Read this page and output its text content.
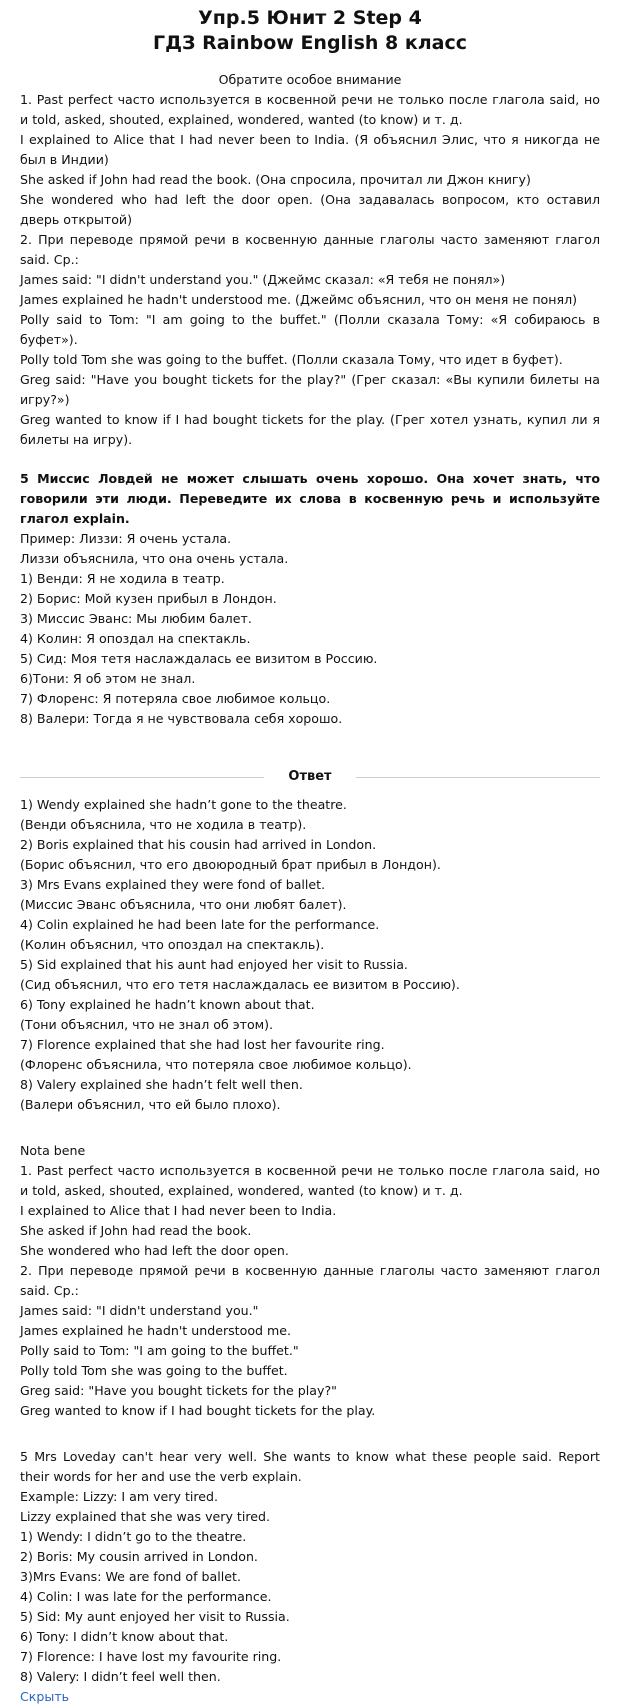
Упр.5 Юнит 2 Step 4
ГДЗ Rainbow English 8 класс

Обратите особое внимание

1. Past perfect часто используется в косвенной речи не только после глагола said, но и told, asked, shouted, explained, wondered, wanted (to know) и т. д.

I explained to Alice that I had never been to India. (Я объяснил Элис, что я никогда не был в Индии)

She asked if John had read the book. (Она спросила, прочитал ли Джон книгу)

She wondered who had left the door open. (Она задавалась вопросом, кто оставил дверь открытой)

2. При переводе прямой речи в косвенную данные глаголы часто заменяют глагол said. Ср.:

James said: "I didn't understand you." (Джеймс сказал: «Я тебя не понял»)

James explained he hadn't understood me. (Джеймс объяснил, что он меня не понял)

Polly said to Tom: "I am going to the buffet." (Полли сказала Тому: «Я собираюсь в буфет»).

Polly told Tom she was going to the buffet. (Полли сказала Тому, что идет в буфет).

Greg said: "Have you bought tickets for the play?" (Грег сказал: «Вы купили билеты на игру?»)

Greg wanted to know if I had bought tickets for the play. (Грег хотел узнать, купил ли я билеты на игру).

5 Миссис Ловдей не может слышать очень хорошо. Она хочет знать, что говорили эти люди. Переведите их слова в косвенную речь и используйте глагол explain.

Пример: Лиззи: Я очень устала.

Лиззи объяснила, что она очень устала.

1) Венди: Я не ходила в театр.

2) Борис: Мой кузен прибыл в Лондон.

3) Миссис Эванс: Мы любим балет.

4) Колин: Я опоздал на спектакль.

5) Сид: Моя тетя наслаждалась ее визитом в Россию.

6)Тони: Я об этом не знал.

7) Флоренс: Я потеряла свое любимое кольцо.

8) Валери: Тогда я не чувствовала себя хорошо.

Ответ

1) Wendy explained she hadn’t gone to the theatre.

(Венди объяснила, что не ходила в театр).

2) Boris explained that his cousin had arrived in London.

(Борис объяснил, что его двоюродный брат прибыл в Лондон).

3) Mrs Evans explained they were fond of ballet.

(Миссис Эванс объяснила, что они любят балет).

4) Colin explained he had been late for the performance.

(Колин объяснил, что опоздал на спектакль).

5) Sid explained that his aunt had enjoyed her visit to Russia.

(Сид объяснил, что его тетя наслаждалась ее визитом в Россию).

6) Tony explained he hadn’t known about that.

(Тони объяснил, что не знал об этом).

7) Florence explained that she had lost her favourite ring.

(Флоренс объяснила, что потеряла свое любимое кольцо).

8) Valery explained she hadn’t felt well then.

(Валери объяснил, что ей было плохо).

Nota bene

1. Past perfect часто используется в косвенной речи не только после глагола said, но и told, asked, shouted, explained, wondered, wanted (to know) и т. д.

I explained to Alice that I had never been to India.

She asked if John had read the book.

She wondered who had left the door open.

2. При переводе прямой речи в косвенную данные глаголы часто заменяют глагол said. Ср.:

James said: "I didn't understand you."

James explained he hadn't understood me.

Polly said to Tom: "I am going to the buffet."

Polly told Tom she was going to the buffet.

Greg said: "Have you bought tickets for the play?"

Greg wanted to know if I had bought tickets for the play.

5 Mrs Loveday can't hear very well. She wants to know what these people said. Report their words for her and use the verb explain.

Example: Lizzy: I am very tired.

Lizzy explained that she was very tired.

1) Wendy: I didn’t go to the theatre.

2) Boris: My cousin arrived in London.

3)Mrs Evans: We are fond of ballet.

4) Colin: I was late for the performance.

5) Sid: My aunt enjoyed her visit to Russia.

6) Tony: I didn’t know about that.

7) Florence: I have lost my favourite ring.

8) Valery: I didn’t feel well then.

Скрыть
